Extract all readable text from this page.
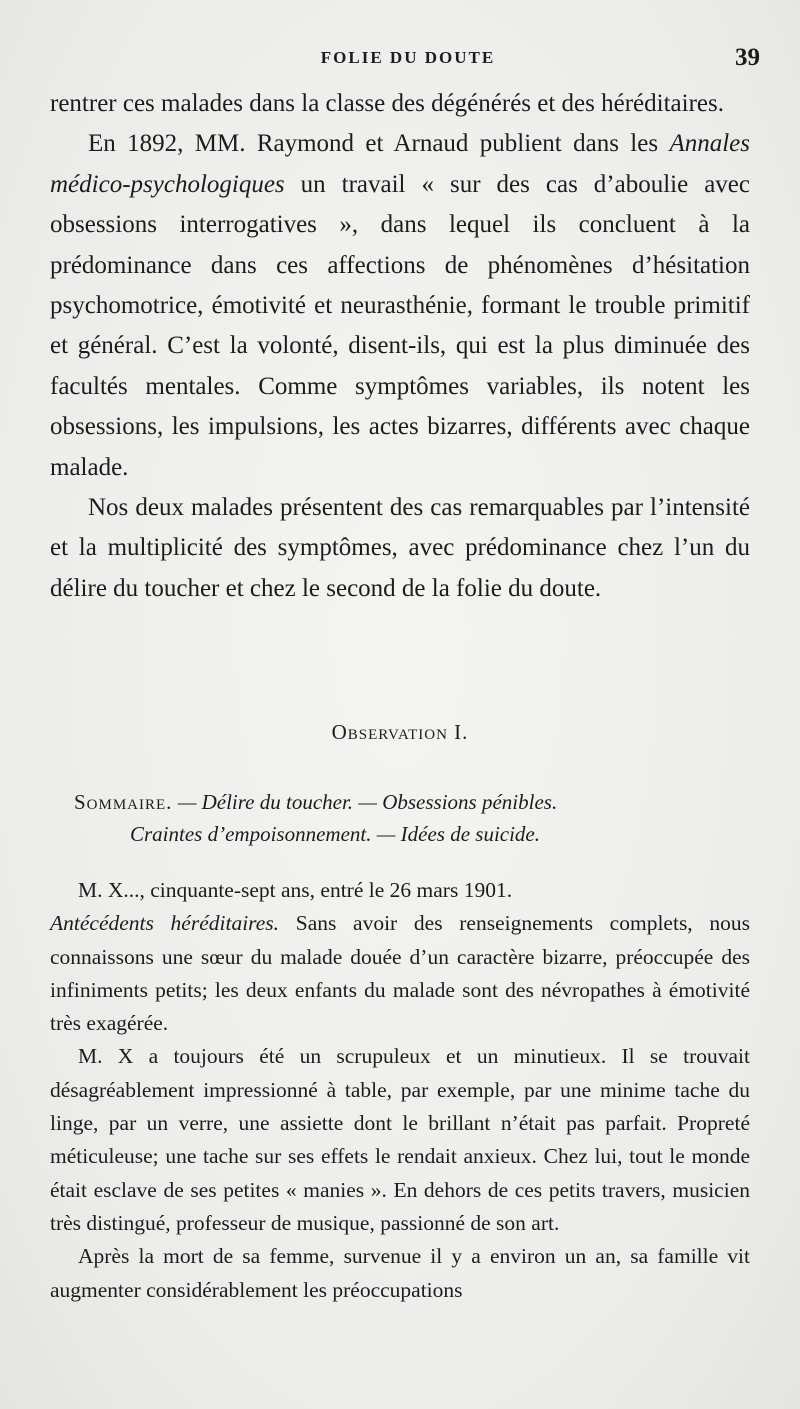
FOLIE DU DOUTE	39

rentrer ces malades dans la classe des dégénérés et des héréditaires.

En 1892, MM. Raymond et Arnaud publient dans les Annales médico-psychologiques un travail « sur des cas d’aboulie avec obsessions interrogatives », dans lequel ils concluent à la prédominance dans ces affections de phénomènes d’hésitation psychomotrice, émotivité et neurasthénie, formant le trouble primitif et général. C’est la volonté, disent-ils, qui est la plus diminuée des facultés mentales. Comme symptômes variables, ils notent les obsessions, les impulsions, les actes bizarres, différents avec chaque malade.

Nos deux malades présentent des cas remarquables par l’intensité et la multiplicité des symptômes, avec prédominance chez l’un du délire du toucher et chez le second de la folie du doute.

Observation I.
Sommaire. — Délire du toucher. — Obsessions pénibles.
Craintes d’empoisonnement. — Idées de suicide.

M. X..., cinquante-sept ans, entré le 26 mars 1901.

Antécédents héréditaires. Sans avoir des renseignements complets, nous connaissons une sœur du malade douée d’un caractère bizarre, préoccupée des infiniments petits; les deux enfants du malade sont des névropathes à émotivité très exagérée.

M. X a toujours été un scrupuleux et un minutieux. Il se trouvait désagréablement impressionné à table, par exemple, par une minime tache du linge, par un verre, une assiette dont le brillant n’était pas parfait. Propreté méticuleuse; une tache sur ses effets le rendait anxieux. Chez lui, tout le monde était esclave de ses petites « manies ». En dehors de ces petits travers, musicien très distingué, professeur de musique, passionné de son art.

Après la mort de sa femme, survenue il y a environ un an, sa famille vit augmenter considérablement les préoccupations
